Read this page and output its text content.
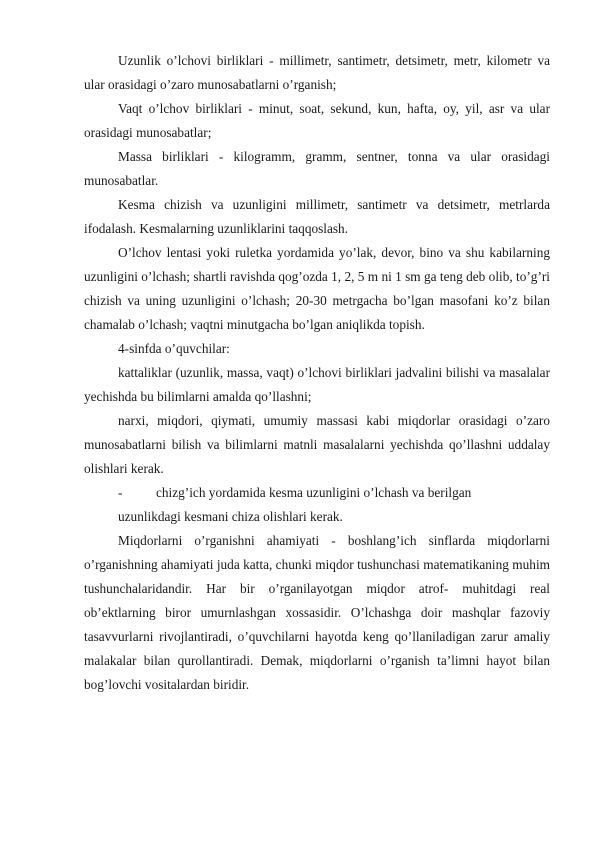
Uzunlik o’lchovi birliklari - millimetr, santimetr, detsimetr, metr, kilometr va ular orasidagi o’zaro munosabatlarni o’rganish;

Vaqt o’lchov birliklari - minut, soat, sekund, kun, hafta, oy, yil, asr va ular orasidagi munosabatlar;

Massa birliklari - kilogramm, gramm, sentner, tonna va ular orasidagi munosabatlar.

Kesma chizish va uzunligini millimetr, santimetr va detsimetr, metrlarda ifodalash. Kesmalarning uzunliklarini taqqoslash.

O’lchov lentasi yoki ruletka yordamida yo’lak, devor, bino va shu kabilarning uzunligini o’lchash; shartli ravishda qog’ozda 1, 2, 5 m ni 1 sm ga teng deb olib, to’g’ri chizish va uning uzunligini o’lchash; 20-30 metrgacha bo’lgan masofani ko’z bilan chamalab o’lchash; vaqtni minutgacha bo’lgan aniqlikda topish.

4-sinfda o’quvchilar:

kattaliklar (uzunlik, massa, vaqt) o’lchovi birliklari jadvalini bilishi va masalalar yechishda bu bilimlarni amalda qo’llashni;

narxi, miqdori, qiymati, umumiy massasi kabi miqdorlar orasidagi o’zaro munosabatlarni bilish va bilimlarni matnli masalalarni yechishda qo’llashni uddalay olishlari kerak.

-	chizg’ich yordamida kesma uzunligini o’lchash va berilgan

uzunlikdagi kesmani chiza olishlari kerak.

Miqdorlarni o’rganishni ahamiyati - boshlang’ich sinflarda miqdorlarni o’rganishning ahamiyati juda katta, chunki miqdor tushunchasi matematikaning muhim tushunchalaridandir. Har bir o’rganilayotgan miqdor atrof- muhitdagi real ob’ektlarning biror umurnlashgan xossasidir. O’lchashga doir mashqlar fazoviy tasavvurlarni rivojlantiradi, o’quvchilarni hayotda keng qo’llaniladigan zarur amaliy malakalar bilan qurollantiradi. Demak, miqdorlarni o’rganish ta’limni hayot bilan bog’lovchi vositalardan biridir.
